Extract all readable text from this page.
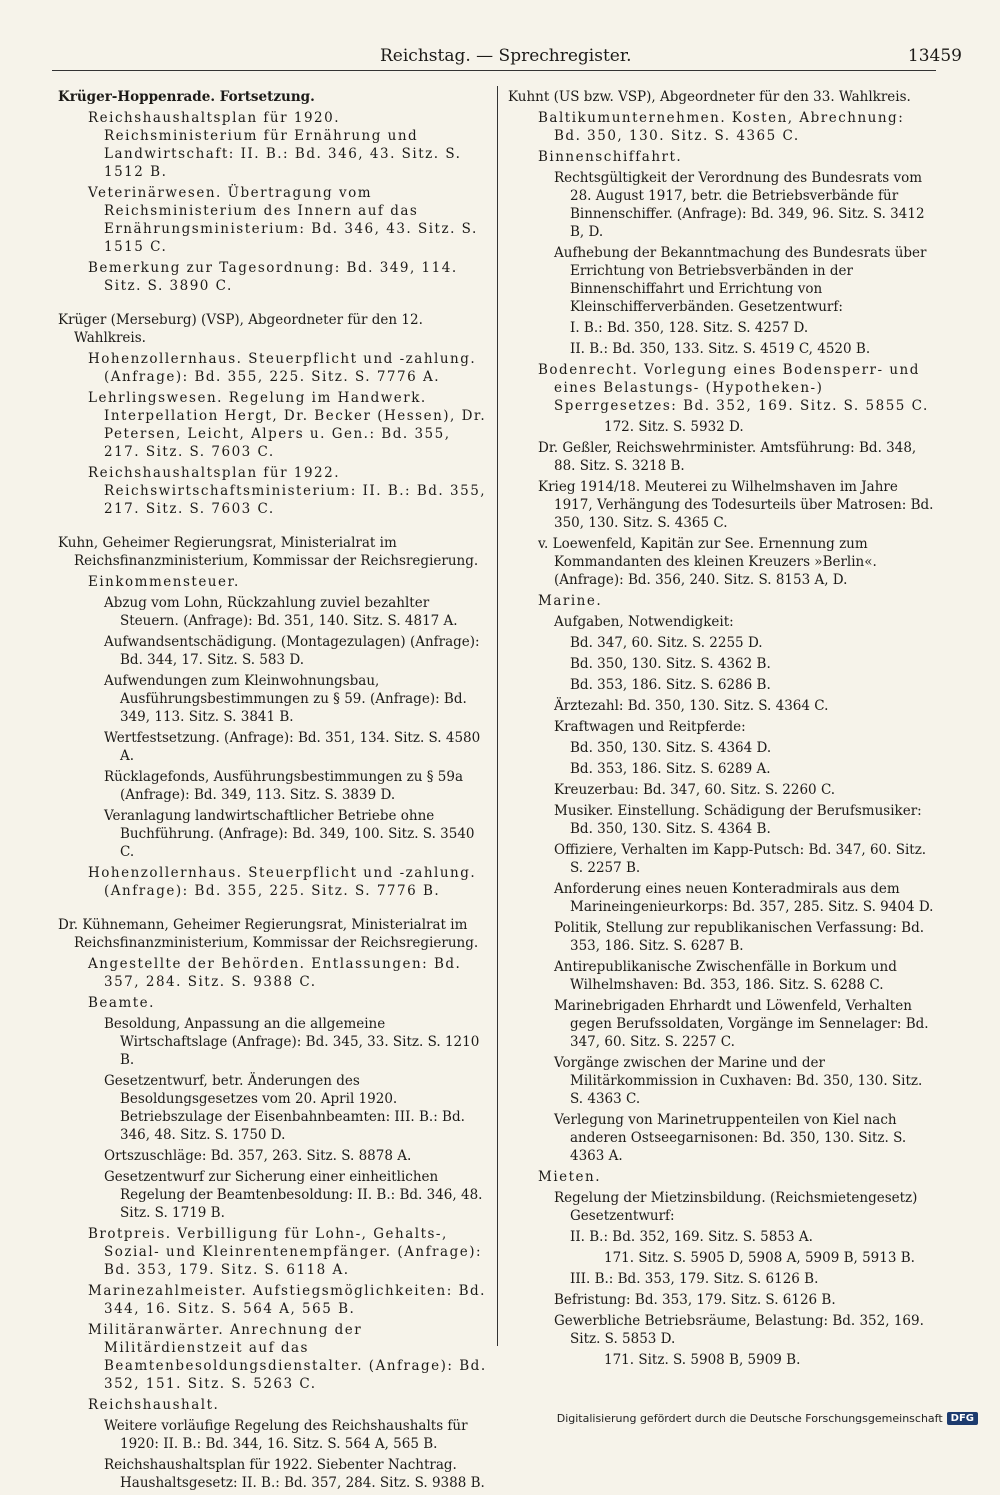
Reichstag. — Sprechregister.	13459

Krüger-Hoppenrade. Fortsetzung.

Reichshaushaltsplan für 1920. Reichsministerium für Ernährung und Landwirtschaft: II. B.: Bd. 346, 43. Sitz. S. 1512 B.

Veterinärwesen. Übertragung vom Reichsministerium des Innern auf das Ernährungsministerium: Bd. 346, 43. Sitz. S. 1515 C.

Bemerkung zur Tagesordnung: Bd. 349, 114. Sitz. S. 3890 C.

Krüger (Merseburg) (VSP), Abgeordneter für den 12. Wahlkreis.

Hohenzollernhaus. Steuerpflicht und -zahlung. (Anfrage): Bd. 355, 225. Sitz. S. 7776 A.

Lehrlingswesen. Regelung im Handwerk. Interpellation Hergt, Dr. Becker (Hessen), Dr. Petersen, Leicht, Alpers u. Gen.: Bd. 355, 217. Sitz. S. 7603 C.

Reichshaushaltsplan für 1922. Reichswirtschaftsministerium: II. B.: Bd. 355, 217. Sitz. S. 7603 C.

Kuhn, Geheimer Regierungsrat, Ministerialrat im Reichsfinanzministerium, Kommissar der Reichsregierung.

Einkommensteuer.

Abzug vom Lohn, Rückzahlung zuviel bezahlter Steuern. (Anfrage): Bd. 351, 140. Sitz. S. 4817 A.

Aufwandsentschädigung. (Montagezulagen) (Anfrage): Bd. 344, 17. Sitz. S. 583 D.

Aufwendungen zum Kleinwohnungsbau, Ausführungsbestimmungen zu § 59. (Anfrage): Bd. 349, 113. Sitz. S. 3841 B.

Wertfestsetzung. (Anfrage): Bd. 351, 134. Sitz. S. 4580 A.

Rücklagefonds, Ausführungsbestimmungen zu § 59a (Anfrage): Bd. 349, 113. Sitz. S. 3839 D.

Veranlagung landwirtschaftlicher Betriebe ohne Buchführung. (Anfrage): Bd. 349, 100. Sitz. S. 3540 C.

Hohenzollernhaus. Steuerpflicht und -zahlung. (Anfrage): Bd. 355, 225. Sitz. S. 7776 B.

Dr. Kühnemann, Geheimer Regierungsrat, Ministerialrat im Reichsfinanzministerium, Kommissar der Reichsregierung.

Angestellte der Behörden. Entlassungen: Bd. 357, 284. Sitz. S. 9388 C.

Beamte.

Besoldung, Anpassung an die allgemeine Wirtschaftslage (Anfrage): Bd. 345, 33. Sitz. S. 1210 B.

Gesetzentwurf, betr. Änderungen des Besoldungsgesetzes vom 20. April 1920. Betriebszulage der Eisenbahnbeamten: III. B.: Bd. 346, 48. Sitz. S. 1750 D.

Ortszuschläge: Bd. 357, 263. Sitz. S. 8878 A.

Gesetzentwurf zur Sicherung einer einheitlichen Regelung der Beamtenbesoldung: II. B.: Bd. 346, 48. Sitz. S. 1719 B.

Brotpreis. Verbilligung für Lohn-, Gehalts-, Sozial- und Kleinrentenempfänger. (Anfrage): Bd. 353, 179. Sitz. S. 6118 A.

Marinezahlmeister. Aufstiegsmöglichkeiten: Bd. 344, 16. Sitz. S. 564 A, 565 B.

Militäranwärter. Anrechnung der Militärdienstzeit auf das Beamtenbesoldungsdienstalter. (Anfrage): Bd. 352, 151. Sitz. S. 5263 C.

Reichshaushalt.

Weitere vorläufige Regelung des Reichshaushalts für 1920: II. B.: Bd. 344, 16. Sitz. S. 564 A, 565 B.

Reichshaushaltsplan für 1922. Siebenter Nachtrag. Haushaltsgesetz: II. B.: Bd. 357, 284. Sitz. S. 9388 B.

Kuhnt (US bzw. VSP), Abgeordneter für den 33. Wahlkreis.

Baltikumunternehmen. Kosten, Abrechnung: Bd. 350, 130. Sitz. S. 4365 C.

Binnenschiffahrt.

Rechtsgültigkeit der Verordnung des Bundesrats vom 28. August 1917, betr. die Betriebsverbände für Binnenschiffer. (Anfrage): Bd. 349, 96. Sitz. S. 3412 B, D.

Aufhebung der Bekanntmachung des Bundesrats über Errichtung von Betriebsverbänden in der Binnenschiffahrt und Errichtung von Kleinschifferverbänden. Gesetzentwurf:

I. B.: Bd. 350, 128. Sitz. S. 4257 D.

II. B.: Bd. 350, 133. Sitz. S. 4519 C, 4520 B.

Bodenrecht. Vorlegung eines Bodensperr- und eines Belastungs- (Hypotheken-) Sperrgesetzes: Bd. 352, 169. Sitz. S. 5855 C.

172. Sitz. S. 5932 D.

Dr. Geßler, Reichswehrminister. Amtsführung: Bd. 348, 88. Sitz. S. 3218 B.

Krieg 1914/18. Meuterei zu Wilhelmshaven im Jahre 1917, Verhängung des Todesurteils über Matrosen: Bd. 350, 130. Sitz. S. 4365 C.

v. Loewenfeld, Kapitän zur See. Ernennung zum Kommandanten des kleinen Kreuzers »Berlin«. (Anfrage): Bd. 356, 240. Sitz. S. 8153 A, D.

Marine.

Aufgaben, Notwendigkeit:

Bd. 347, 60. Sitz. S. 2255 D.

Bd. 350, 130. Sitz. S. 4362 B.

Bd. 353, 186. Sitz. S. 6286 B.

Ärztezahl: Bd. 350, 130. Sitz. S. 4364 C.

Kraftwagen und Reitpferde:

Bd. 350, 130. Sitz. S. 4364 D.

Bd. 353, 186. Sitz. S. 6289 A.

Kreuzerbau: Bd. 347, 60. Sitz. S. 2260 C.

Musiker. Einstellung. Schädigung der Berufsmusiker: Bd. 350, 130. Sitz. S. 4364 B.

Offiziere, Verhalten im Kapp-Putsch: Bd. 347, 60. Sitz. S. 2257 B.

Anforderung eines neuen Konteradmirals aus dem Marineingenieurkorps: Bd. 357, 285. Sitz. S. 9404 D.

Politik, Stellung zur republikanischen Verfassung: Bd. 353, 186. Sitz. S. 6287 B.

Antirepublikanische Zwischenfälle in Borkum und Wilhelmshaven: Bd. 353, 186. Sitz. S. 6288 C.

Marinebrigaden Ehrhardt und Löwenfeld, Verhalten gegen Berufssoldaten, Vorgänge im Sennelager: Bd. 347, 60. Sitz. S. 2257 C.

Vorgänge zwischen der Marine und der Militärkommission in Cuxhaven: Bd. 350, 130. Sitz. S. 4363 C.

Verlegung von Marinetruppenteilen von Kiel nach anderen Ostseegarnisonen: Bd. 350, 130. Sitz. S. 4363 A.

Mieten.

Regelung der Mietzinsbildung. (Reichsmietengesetz) Gesetzentwurf:

II. B.: Bd. 352, 169. Sitz. S. 5853 A.

171. Sitz. S. 5905 D, 5908 A, 5909 B, 5913 B.

III. B.: Bd. 353, 179. Sitz. S. 6126 B.

Befristung: Bd. 353, 179. Sitz. S. 6126 B.

Gewerbliche Betriebsräume, Belastung: Bd. 352, 169. Sitz. S. 5853 D.

171. Sitz. S. 5908 B, 5909 B.

Digitalisierung gefördert durch die Deutsche Forschungsgemeinschaft DFG
